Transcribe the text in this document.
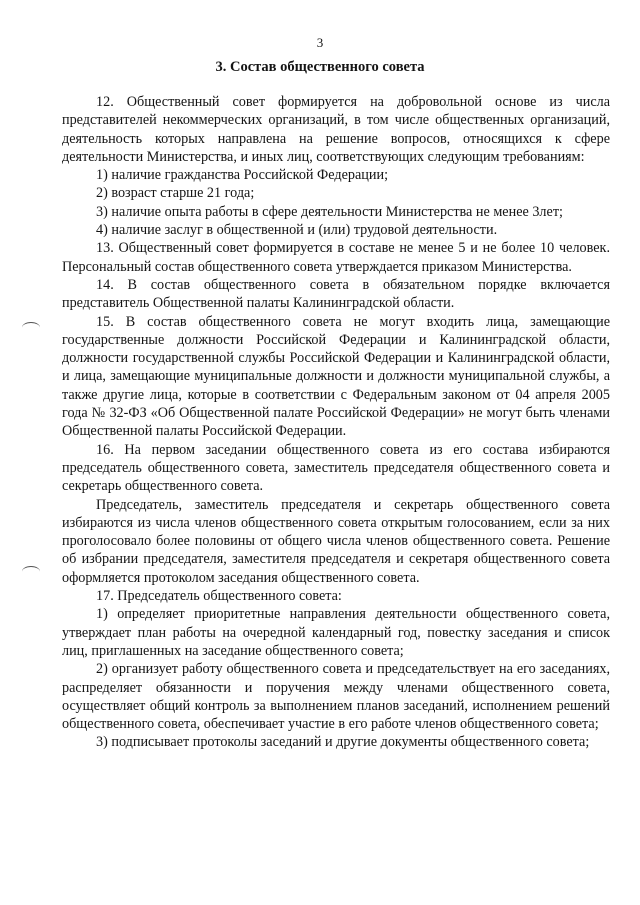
3
3. Состав общественного совета

12. Общественный совет формируется на добровольной основе из числа представителей некоммерческих организаций, в том числе общественных организаций, деятельность которых направлена на решение вопросов, относящихся к сфере деятельности Министерства, и иных лиц, соответствующих следующим требованиям:

1) наличие гражданства Российской Федерации;

2) возраст старше 21 года;

3) наличие опыта работы в сфере деятельности Министерства не менее 3лет;

4) наличие заслуг в общественной и (или) трудовой деятельности.

13. Общественный совет формируется в составе не менее 5 и не более 10 человек. Персональный состав общественного совета утверждается приказом Министерства.

14. В состав общественного совета в обязательном порядке включается представитель Общественной палаты Калининградской области.

15. В состав общественного совета не могут входить лица, замещающие государственные должности Российской Федерации и Калининградской области, должности государственной службы Российской Федерации и Калининградской области, и лица, замещающие муниципальные должности и должности муниципальной службы, а также другие лица, которые в соответствии с Федеральным законом от 04 апреля 2005 года № 32-ФЗ «Об Общественной палате Российской Федерации» не могут быть членами Общественной палаты Российской Федерации.

16. На первом заседании общественного совета из его состава избираются председатель общественного совета, заместитель председателя общественного совета и секретарь общественного совета.

Председатель, заместитель председателя и секретарь общественного совета избираются из числа членов общественного совета открытым голосованием, если за них проголосовало более половины от общего числа членов общественного совета. Решение об избрании председателя, заместителя председателя и секретаря общественного совета оформляется протоколом заседания общественного совета.

17. Председатель общественного совета:

1) определяет приоритетные направления деятельности общественного совета, утверждает план работы на очередной календарный год, повестку заседания и список лиц, приглашенных на заседание общественного совета;

2) организует работу общественного совета и председательствует на его заседаниях, распределяет обязанности и поручения между членами общественного совета, осуществляет общий контроль за выполнением планов заседаний, исполнением решений общественного совета, обеспечивает участие в его работе членов общественного совета;

3) подписывает протоколы заседаний и другие документы общественного совета;
